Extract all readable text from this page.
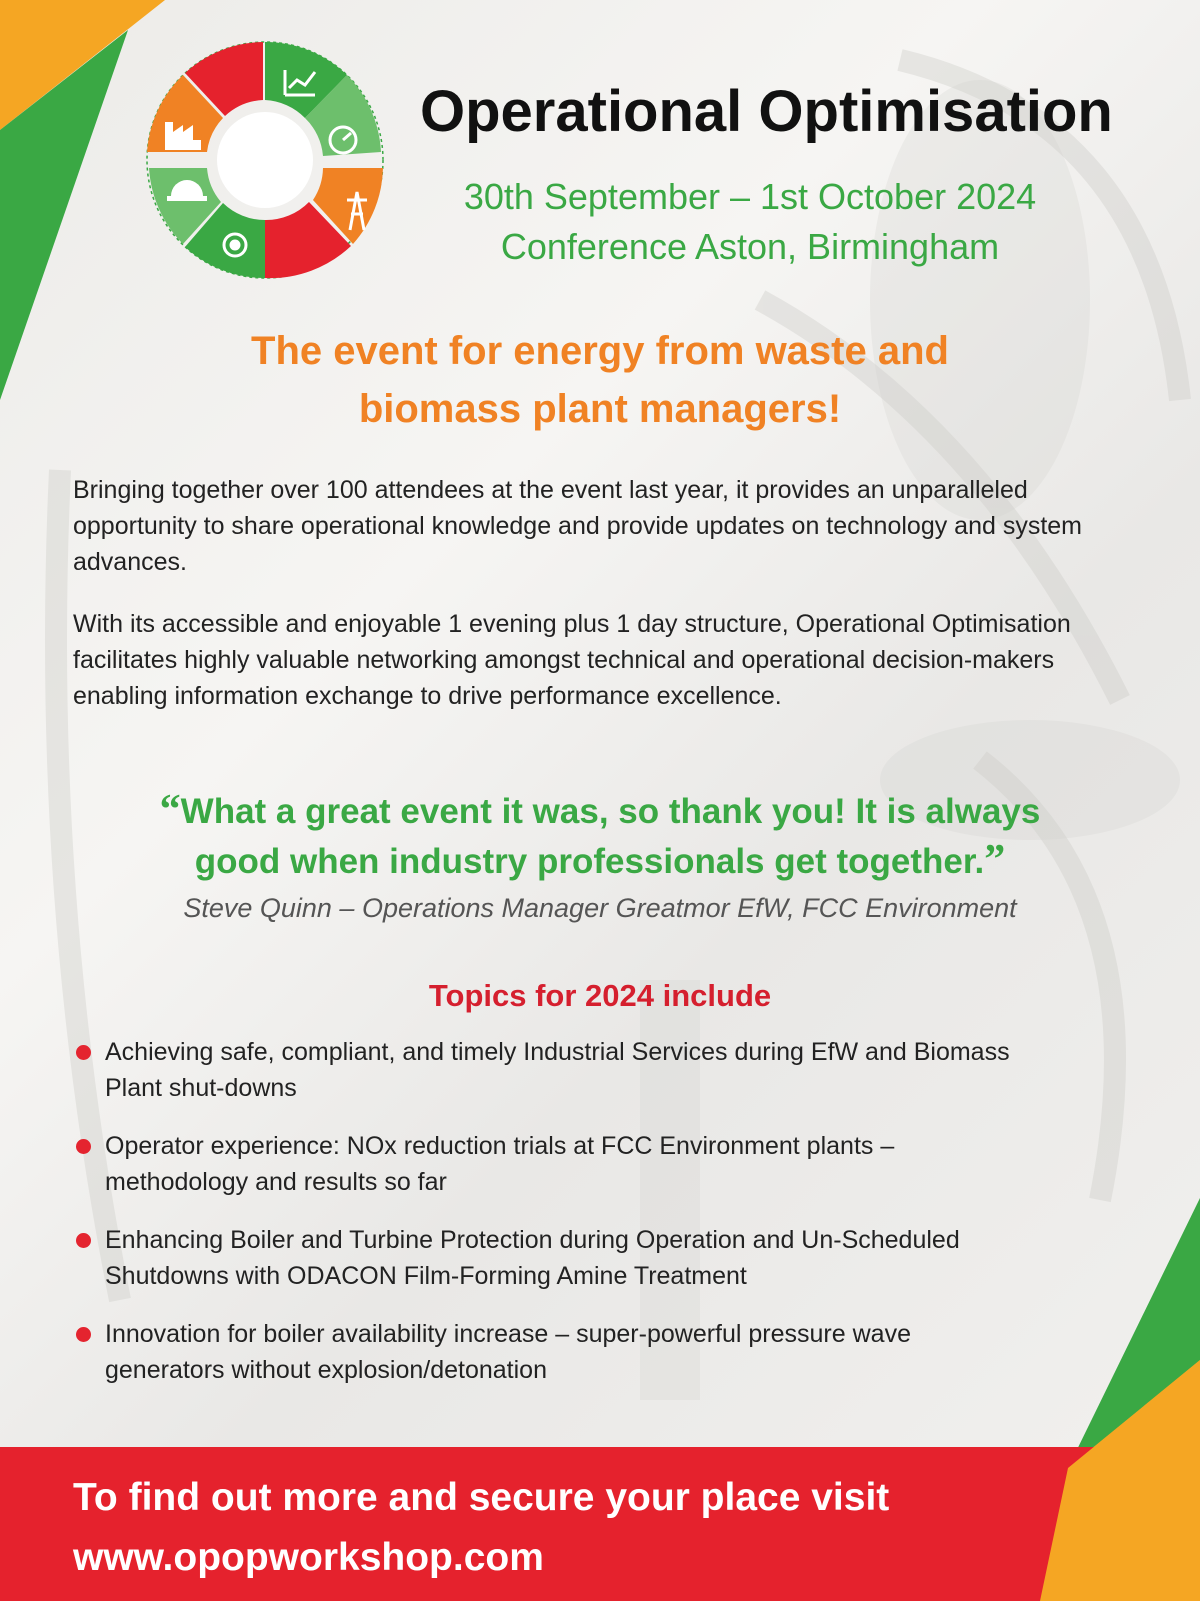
Operational Optimisation
30th September – 1st October 2024
Conference Aston, Birmingham
The event for energy from waste and
biomass plant managers!
Bringing together over 100 attendees at the event last year, it provides an unparalleled opportunity to share operational knowledge and provide updates on technology and system advances.
With its accessible and enjoyable 1 evening plus 1 day structure, Operational Optimisation facilitates highly valuable networking amongst technical and operational decision-makers enabling information exchange to drive performance excellence.
“What a great event it was, so thank you! It is always
good when industry professionals get together.”
Steve Quinn – Operations Manager Greatmor EfW, FCC Environment
Topics for 2024 include
Achieving safe, compliant, and timely Industrial Services during EfW and Biomass
Plant shut-downs
Operator experience: NOx reduction trials at FCC Environment plants –
methodology and results so far
Enhancing Boiler and Turbine Protection during Operation and Un-Scheduled
Shutdowns with ODACON Film-Forming Amine Treatment
Innovation for boiler availability increase – super-powerful pressure wave
generators without explosion/detonation
To find out more and secure your place visit
www.opopworkshop.com
